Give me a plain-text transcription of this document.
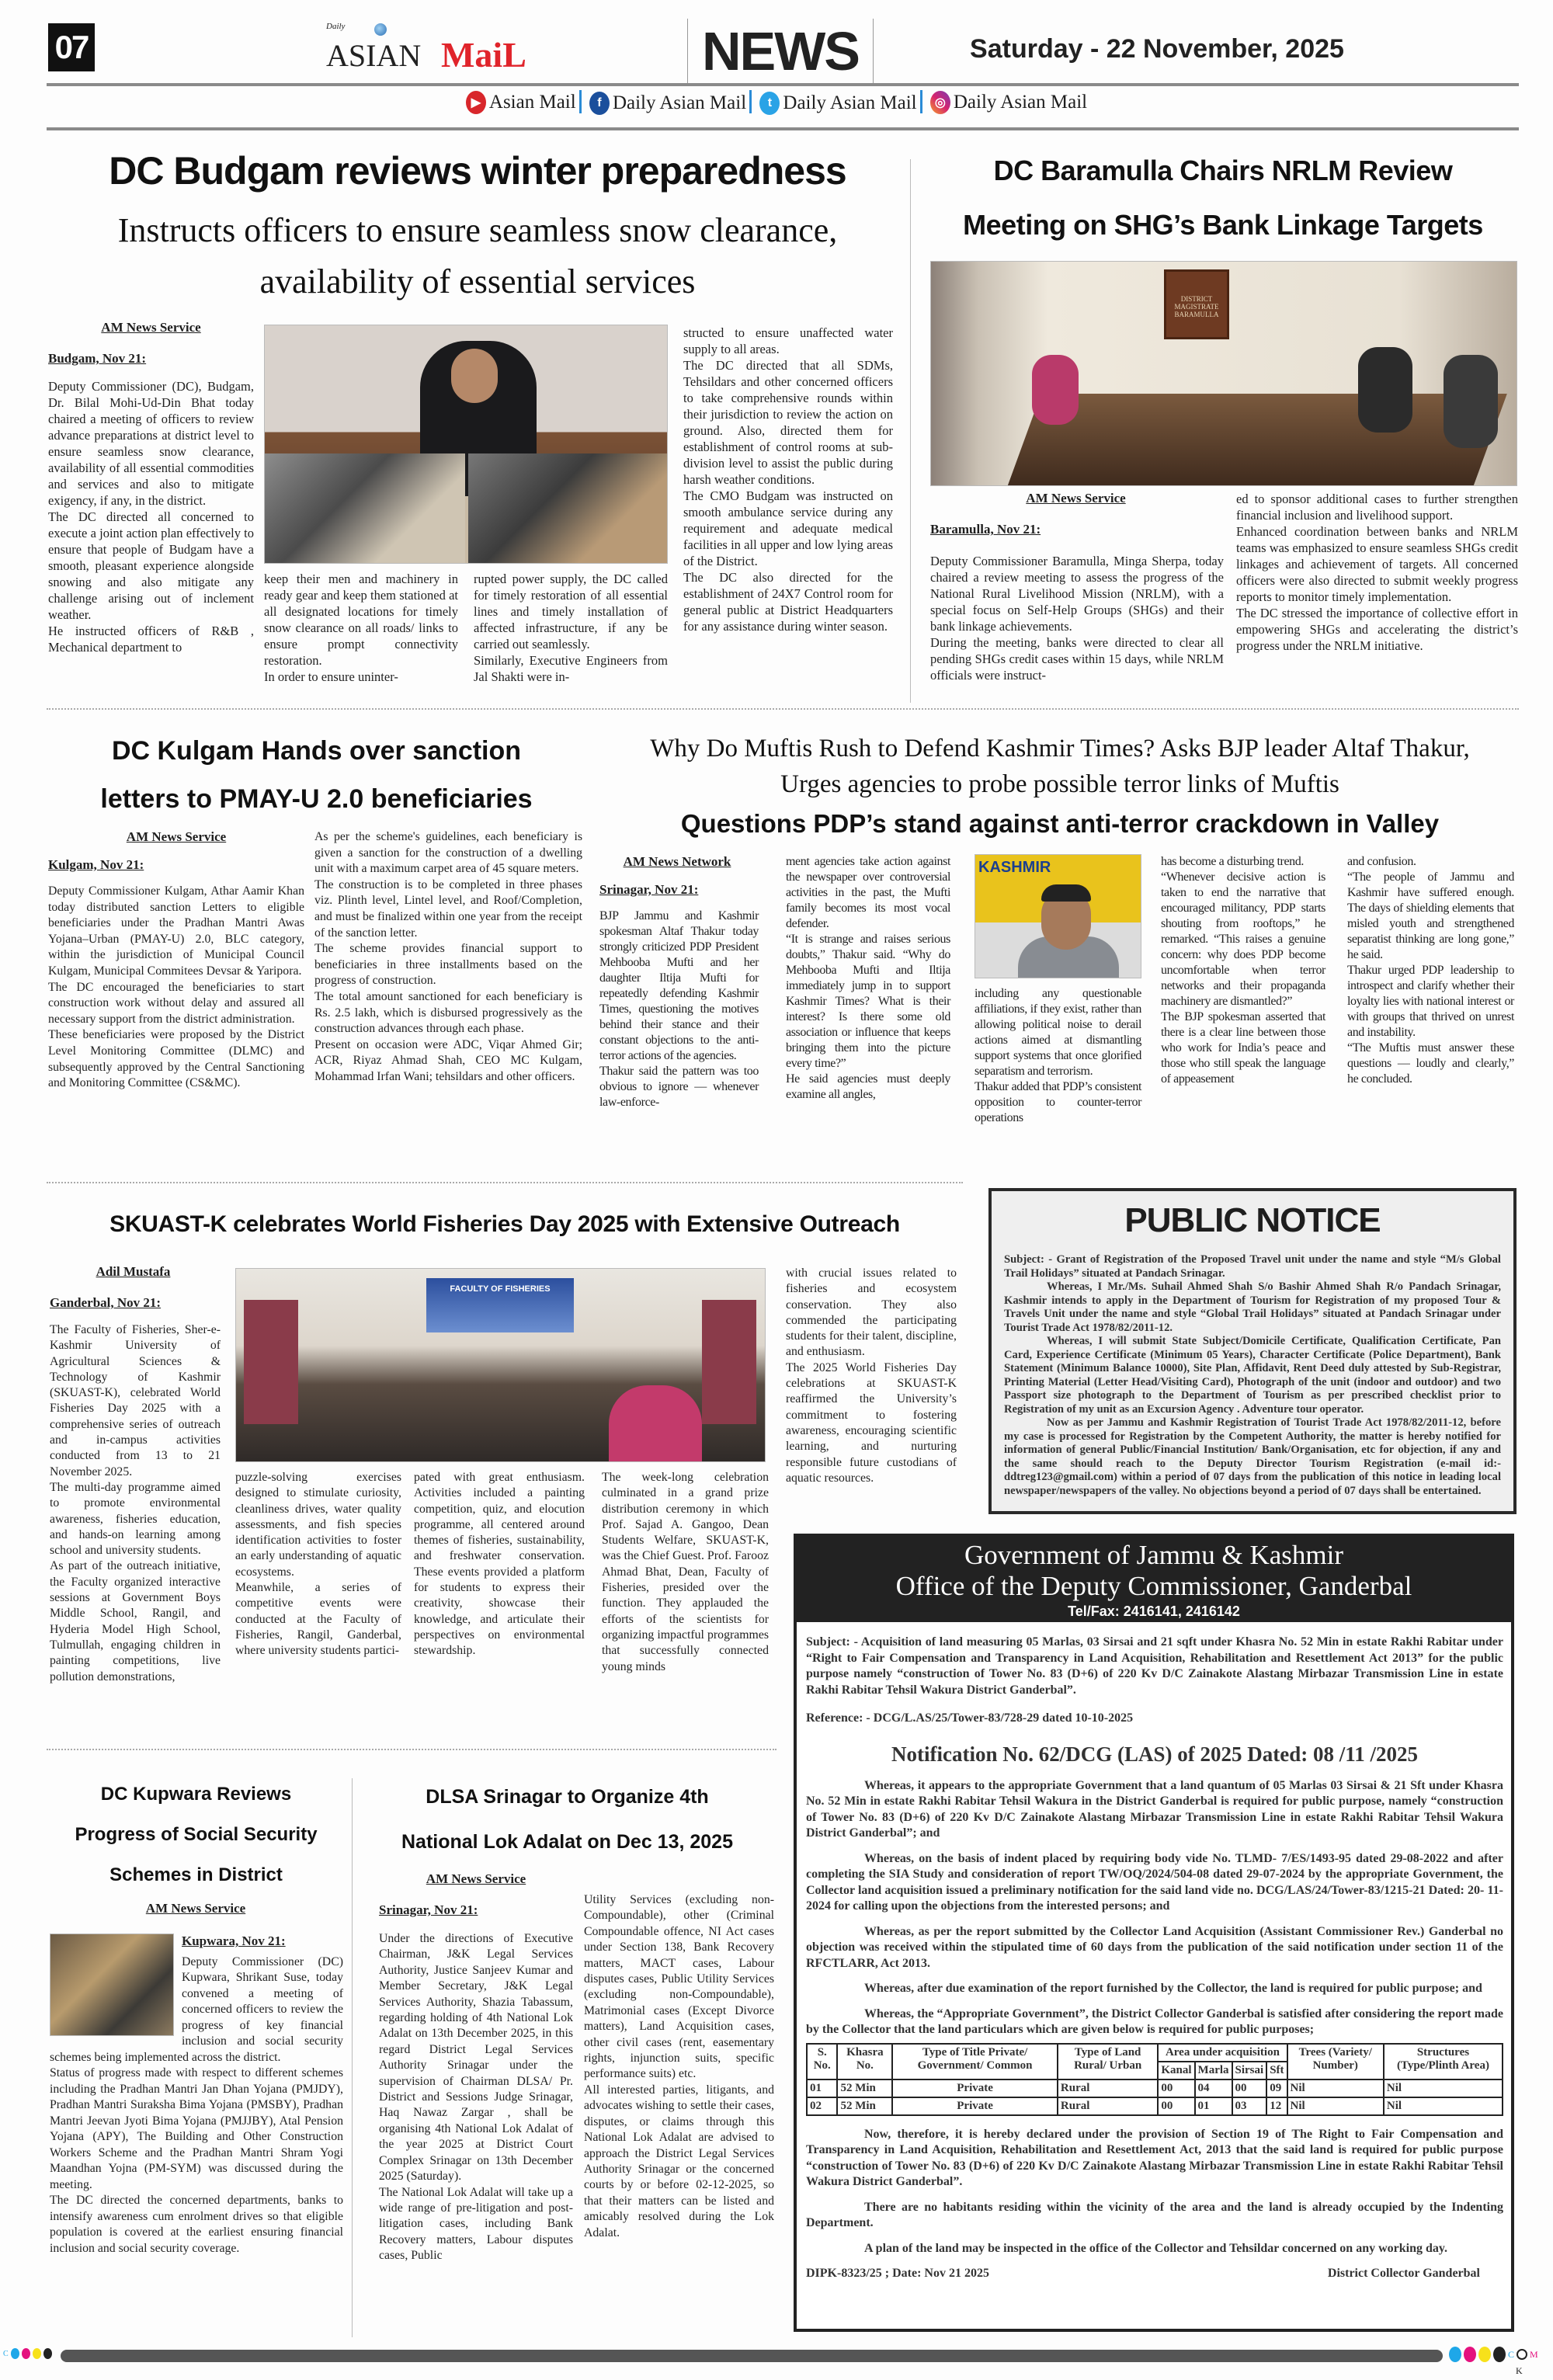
07
Daily
ASIAN MaiL	NEWS	Saturday - 22 November, 2025
▶ Asian Mail
	f Daily Asian Mail
	t Daily Asian Mail
	◎ Daily Asian Mail
DC Budgam reviews winter preparedness
Instructs officers to ensure seamless snow clearance,
availability of essential services
AM News Service
Budgam, Nov 21:

Deputy Commissioner (DC), Budgam, Dr. Bilal Mohi-Ud-Din Bhat today chaired a meeting of officers to review advance preparations at district level to ensure seamless snow clearance, availability of all essential commodities and services and also to mitigate exigency, if any, in the district.

The DC directed all concerned to execute a joint action plan effectively to ensure that people of Budgam have a smooth, pleasant experience alongside snowing and also mitigate any challenge arising out of inclement weather.

He instructed officers of R&B , Mechanical department to

keep their men and machinery in ready gear and keep them stationed at all designated locations for timely snow clearance on all roads/ links to ensure prompt connectivity restoration.

In order to ensure uninter-

rupted power supply, the DC called for timely restoration of all essential lines and timely installation of affected infrastructure, if any be carried out seamlessly.

Similarly, Executive Engineers from Jal Shakti were in-

structed to ensure unaffected water supply to all areas.

The DC directed that all SDMs, Tehsildars and other concerned officers to take comprehensive rounds within their jurisdiction to review the action on ground. Also, directed them for establishment of control rooms at sub-division level to assist the public during harsh weather conditions.

The CMO Budgam was instructed on smooth ambulance service during any requirement and adequate medical facilities in all upper and low lying areas of the District.

The DC also directed for the establishment of 24X7 Control room for general public at District Headquarters for any assistance during winter season.

DC Baramulla Chairs NRLM Review
Meeting on SHG’s Bank Linkage Targets
DISTRICT MAGISTRATE BARAMULLA
AM News Service
Baramulla, Nov 21:

Deputy Commissioner Baramulla, Minga Sherpa, today chaired a review meeting to assess the progress of the National Rural Livelihood Mission (NRLM), with a special focus on Self-Help Groups (SHGs) and their bank linkage achievements.

During the meeting, banks were directed to clear all pending SHGs credit cases within 15 days, while NRLM officials were instruct-

ed to sponsor additional cases to further strengthen financial inclusion and livelihood support.

Enhanced coordination between banks and NRLM teams was emphasized to ensure seamless SHGs credit linkages and achievement of targets. All concerned officers were also directed to submit weekly progress reports to monitor timely implementation.

The DC stressed the importance of collective effort in empowering SHGs and accelerating the district’s progress under the NRLM initiative.

DC Kulgam Hands over sanction
letters to PMAY-U 2.0 beneficiaries
AM News Service
Kulgam, Nov 21:

Deputy Commissioner Kulgam, Athar Aamir Khan today distributed sanction Letters to eligible beneficiaries under the Pradhan Mantri Awas Yojana–Urban (PMAY-U) 2.0, BLC category, within the jurisdiction of Municipal Council Kulgam, Municipal Commitees Devsar & Yaripora.

The DC encouraged the beneficiaries to start construction work without delay and assured all necessary support from the district administration.

These beneficiaries were proposed by the District Level Monitoring Committee (DLMC) and subsequently approved by the Central Sanctioning and Monitoring Committee (CS&MC).

As per the scheme's guidelines, each beneficiary is given a sanction for the construction of a dwelling unit with a maximum carpet area of 45 square meters.

The construction is to be completed in three phases viz. Plinth level, Lintel level, and Roof/Completion, and must be finalized within one year from the receipt of the sanction letter.

The scheme provides financial support to beneficiaries in three installments based on the progress of construction.

The total amount sanctioned for each beneficiary is Rs. 2.5 lakh, which is disbursed progressively as the construction advances through each phase.

Present on occasion were ADC, Viqar Ahmed Gir; ACR, Riyaz Ahmad Shah, CEO MC Kulgam, Mohammad Irfan Wani; tehsildars and other officers.

Why Do Muftis Rush to Defend Kashmir Times? Asks BJP leader Altaf Thakur,
Urges agencies to probe possible terror links of Muftis
Questions PDP’s stand against anti-terror crackdown in Valley
AM News Network
Srinagar, Nov 21:

BJP Jammu and Kashmir spokesman Altaf Thakur today strongly criticized PDP President Mehbooba Mufti and her daughter Iltija Mufti for repeatedly defending Kashmir Times, questioning the motives behind their stance and their constant objections to the anti-terror actions of the agencies.

Thakur said the pattern was too obvious to ignore — whenever law-enforce-

ment agencies take action against the newspaper over controversial activities in the past, the Mufti family becomes its most vocal defender.

“It is strange and raises serious doubts,” Thakur said. “Why do Mehbooba Mufti and Iltija immediately jump in to support Kashmir Times? What is their interest? Is there some old association or influence that keeps bringing them into the picture every time?”

He said agencies must deeply examine all angles,

KASHMIR

including any questionable affiliations, if they exist, rather than allowing political noise to derail actions aimed at dismantling support systems that once glorified separatism and terrorism.

Thakur added that PDP’s consistent opposition to counter-terror operations

has become a disturbing trend.

“Whenever decisive action is taken to end the narrative that encouraged militancy, PDP starts shouting from rooftops,” he remarked. “This raises a genuine concern: why does PDP become uncomfortable when terror networks and their propaganda machinery are dismantled?”

The BJP spokesman asserted that there is a clear line between those who work for India’s peace and those who still speak the language of appeasement

and confusion.

“The people of Jammu and Kashmir have suffered enough. The days of shielding elements that misled youth and strengthened separatist thinking are long gone,” he said.

Thakur urged PDP leadership to introspect and clarify whether their loyalty lies with national interest or with groups that thrived on unrest and instability.

“The Muftis must answer these questions — loudly and clearly,” he concluded.

SKUAST-K celebrates World Fisheries Day 2025 with Extensive Outreach
Adil Mustafa
Ganderbal, Nov 21:

The Faculty of Fisheries, Sher-e-Kashmir University of Agricultural Sciences & Technology of Kashmir (SKUAST-K), celebrated World Fisheries Day 2025 with a comprehensive series of outreach and in-campus activities conducted from 13 to 21 November 2025.

The multi-day programme aimed to promote environmental awareness, fisheries education, and hands-on learning among school and university students.

As part of the outreach initiative, the Faculty organized interactive sessions at Government Boys Middle School, Rangil, and Hyderia Model High School, Tulmullah, engaging children in painting competitions, live pollution demonstrations,

FACULTY OF FISHERIES

puzzle-solving exercises designed to stimulate curiosity, cleanliness drives, water quality assessments, and fish species identification activities to foster an early understanding of aquatic ecosystems.

Meanwhile, a series of competitive events were conducted at the Faculty of Fisheries, Rangil, Ganderbal, where university students partici-

pated with great enthusiasm. Activities included a painting competition, quiz, and elocution programme, all centered around themes of fisheries, sustainability, and freshwater conservation. These events provided a platform for students to express their creativity, showcase their knowledge, and articulate their perspectives on environmental stewardship.

The week-long celebration culminated in a grand prize distribution ceremony in which Prof. Sajad A. Gangoo, Dean Students Welfare, SKUAST-K, was the Chief Guest. Prof. Farooz Ahmad Bhat, Dean, Faculty of Fisheries, presided over the function. They applauded the efforts of the scientists for organizing impactful programmes that successfully connected young minds

with crucial issues related to fisheries and ecosystem conservation. They also commended the participating students for their talent, discipline, and enthusiasm.

The 2025 World Fisheries Day celebrations at SKUAST-K reaffirmed the University’s commitment to fostering awareness, encouraging scientific learning, and nurturing responsible future custodians of aquatic resources.

PUBLIC NOTICE

Subject: - Grant of Registration of the Proposed Travel unit under the name and style “M/s Global Trail Holidays” situated at Pandach Srinagar.

Whereas, I Mr./Ms. Suhail Ahmed Shah S/o Bashir Ahmed Shah R/o Pandach Srinagar, Kashmir intends to apply in the Department of Tourism for Registration of my proposed Tour & Travels Unit under the name and style “Global Trail Holidays” situated at Pandach Srinagar under Tourist Trade Act 1978/82/2011-12.

Whereas, I will submit State Subject/Domicile Certificate, Qualification Certificate, Pan Card, Experience Certificate (Minimum 05 Years), Character Certificate (Police Department), Bank Statement (Minimum Balance 10000), Site Plan, Affidavit, Rent Deed duly attested by Sub-Registrar, Printing Material (Letter Head/Visiting Card), Photograph of the unit (indoor and outdoor) and two Passport size photograph to the Department of Tourism as per prescribed checklist prior to Registration of my unit as an Excursion Agency . Adventure tour operator.

Now as per Jammu and Kashmir Registration of Tourist Trade Act 1978/82/2011-12, before my case is processed for Registration by the Competent Authority, the matter is hereby notified for information of general Public/Financial Institution/ Bank/Organisation, etc for objection, if any and the same should reach to the Deputy Director Tourism Registration (e-mail id:- ddtreg123@gmail.com) within a period of 07 days from the publication of this notice in leading local newspaper/newspapers of the valley. No objections beyond a period of 07 days shall be entertained.

Government of Jammu & Kashmir
Office of the Deputy Commissioner, Ganderbal
Tel/Fax: 2416141, 2416142

Subject: - Acquisition of land measuring 05 Marlas, 03 Sirsai and 21 sqft under Khasra No. 52 Min in estate Rakhi Rabitar under “Right to Fair Compensation and Transparency in Land Acquisition, Rehabilitation and Resettlement Act 2013” for the public purpose namely “construction of Tower No. 83 (D+6) of 220 Kv D/C Zainakote Alastang Mirbazar Transmission Line in estate Rakhi Rabitar Tehsil Wakura District Ganderbal”.

Reference: - DCG/L.AS/25/Tower-83/728-29 dated 10-10-2025

Notification No. 62/DCG (LAS) of 2025 Dated: 08 /11 /2025

Whereas, it appears to the appropriate Government that a land quantum of 05 Marlas 03 Sirsai & 21 Sft under Khasra No. 52 Min in estate Rakhi Rabitar Tehsil Wakura in the District Ganderbal is required for public purpose, namely “construction of Tower No. 83 (D+6) of 220 Kv D/C Zainakote Alastang Mirbazar Transmission Line in estate Rakhi Rabitar Tehsil Wakura District Ganderbal”; and

Whereas, on the basis of indent placed by requiring body vide No. TLMD- 7/ES/1493-95 dated 29-08-2022 and after completing the SIA Study and consideration of report TW/OQ/2024/504-08 dated 29-07-2024 by the appropriate Government, the Collector land acquisition issued a preliminary notification for the said land vide no. DCG/LAS/24/Tower-83/1215-21 Dated: 20- 11-2024 for calling upon the objections from the interested persons; and

Whereas, as per the report submitted by the Collector Land Acquisition (Assistant Commissioner Rev.) Ganderbal no objection was received within the stipulated time of 60 days from the publication of the said notification under section 11 of the RFCTLARR, Act 2013.

Whereas, after due examination of the report furnished by the Collector, the land is required for public purpose; and

Whereas, the “Appropriate Government”, the District Collector Ganderbal is satisfied after considering the report made by the Collector that the land particulars which are given below is required for public purposes;

S. No.	Khasra No.	Type of Title Private/ Government/ Common	Type of Land Rural/ Urban	Area under acquisition				Trees (Variety/ Number)	Structures (Type/Plinth Area)
				Kanal	Marla	Sirsai	Sft		
01	52 Min	Private	Rural	00	04	00	09	Nil	Nil
02	52 Min	Private	Rural	00	01	03	12	Nil	Nil

Now, therefore, it is hereby declared under the provision of Section 19 of The Right to Fair Compensation and Transparency in Land Acquisition, Rehabilitation and Resettlement Act, 2013 that the said land is required for public purpose “construction of Tower No. 83 (D+6) of 220 Kv D/C Zainakote Alastang Mirbazar Transmission Line in estate Rakhi Rabitar Tehsil Wakura District Ganderbal”.

There are no habitants residing within the vicinity of the area and the land is already occupied by the Indenting Department.

A plan of the land may be inspected in the office of the Collector and Tehsildar concerned on any working day.

DIPK-8323/25 ; Date: Nov 21 2025	District Collector Ganderbal
DC Kupwara Reviews
Progress of Social Security
Schemes in District
AM News Service
Kupwara, Nov 21:

Deputy Commissioner (DC) Kupwara, Shrikant Suse, today convened a meeting of concerned officers to review the progress of key financial inclusion and social security schemes being implemented across the district.

Status of progress made with respect to different schemes including the Pradhan Mantri Jan Dhan Yojana (PMJDY), Pradhan Mantri Suraksha Bima Yojana (PMSBY), Pradhan Mantri Jeevan Jyoti Bima Yojana (PMJJBY), Atal Pension Yojana (APY), The Building and Other Construction Workers Scheme and the Pradhan Mantri Shram Yogi Maandhan Yojna (PM-SYM) was discussed during the meeting.

The DC directed the concerned departments, banks to intensify awareness cum enrolment drives so that eligible population is covered at the earliest ensuring financial inclusion and social security coverage.

DLSA Srinagar to Organize 4th
National Lok Adalat on Dec 13, 2025
AM News Service
Srinagar, Nov 21:

Under the directions of Executive Chairman, J&K Legal Services Authority, Justice Sanjeev Kumar and Member Secretary, J&K Legal Services Authority, Shazia Tabassum, regarding holding of 4th National Lok Adalat on 13th December 2025, in this regard District Legal Services Authority Srinagar under the supervision of Chairman DLSA/ Pr. District and Sessions Judge Srinagar, Haq Nawaz Zargar , shall be organising 4th National Lok Adalat of the year 2025 at District Court Complex Srinagar on 13th December 2025 (Saturday).

The National Lok Adalat will take up a wide range of pre-litigation and post-litigation cases, including Bank Recovery matters, Labour disputes cases, Public

Utility Services (excluding non-Compoundable), other (Criminal Compoundable offence, NI Act cases under Section 138, Bank Recovery matters, MACT cases, Labour disputes cases, Public Utility Services (excluding non-Compoundable), Matrimonial cases (Except Divorce matters), Land Acquisition cases, other civil cases (rent, easementary rights, injunction suits, specific performance suits) etc.

All interested parties, litigants, and advocates wishing to settle their cases, disputes, or claims through this National Lok Adalat are advised to approach the District Legal Services Authority Srinagar or the concerned courts by or before 02-12-2025, so that their matters can be listed and amicably resolved during the Lok Adalat.

C	C M
K
